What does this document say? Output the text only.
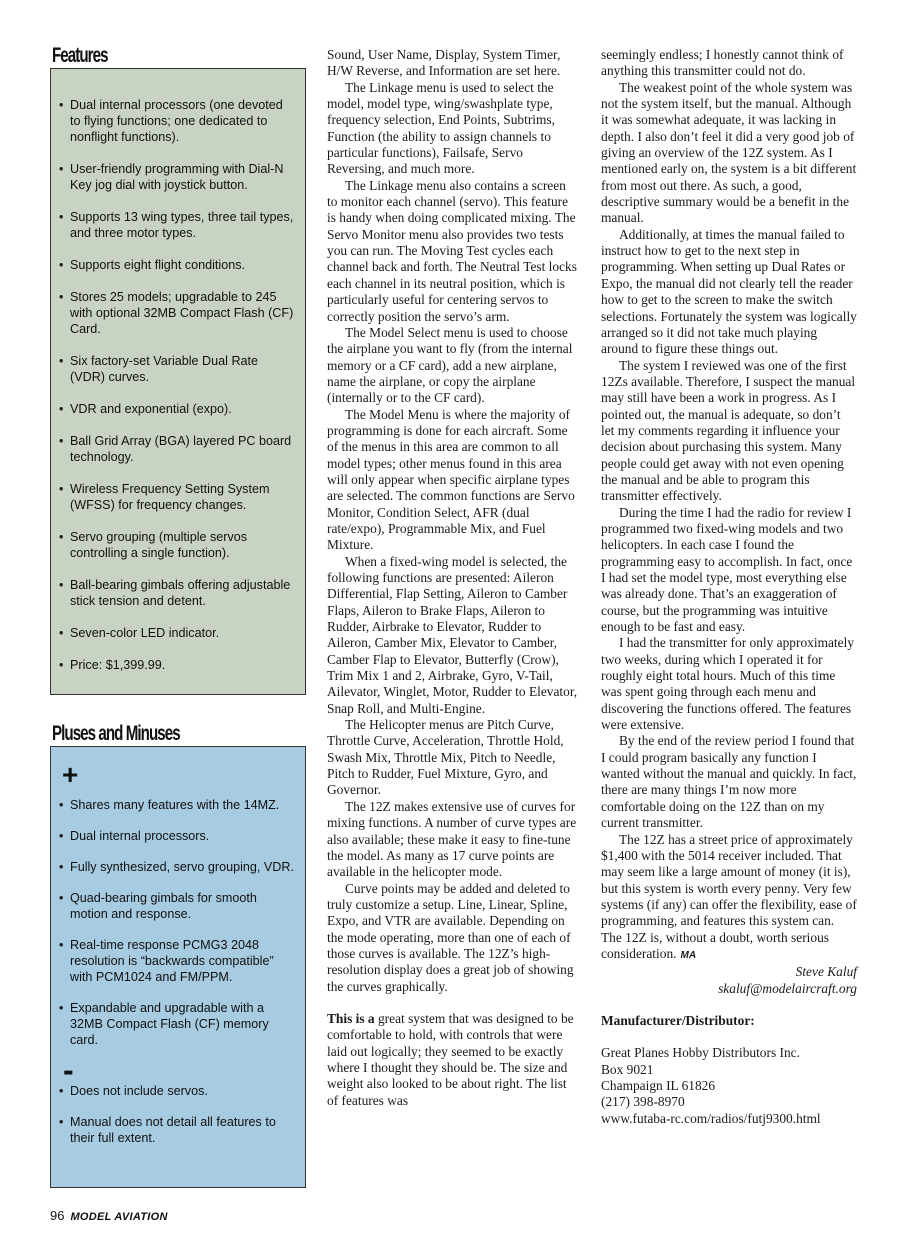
Features
• Dual internal processors (one devoted to flying functions; one dedicated to nonflight functions).
• User-friendly programming with Dial-N Key jog dial with joystick button.
• Supports 13 wing types, three tail types, and three motor types.
• Supports eight flight conditions.
• Stores 25 models; upgradable to 245 with optional 32MB Compact Flash (CF) Card.
• Six factory-set Variable Dual Rate (VDR) curves.
• VDR and exponential (expo).
• Ball Grid Array (BGA) layered PC board technology.
• Wireless Frequency Setting System (WFSS) for frequency changes.
• Servo grouping (multiple servos controlling a single function).
• Ball-bearing gimbals offering adjustable stick tension and detent.
• Seven-color LED indicator.
• Price: $1,399.99.
Pluses and Minuses
+
• Shares many features with the 14MZ.
• Dual internal processors.
• Fully synthesized, servo grouping, VDR.
• Quad-bearing gimbals for smooth motion and response.
• Real-time response PCMG3 2048 resolution is “backwards compatible” with PCM1024 and FM/PPM.
• Expandable and upgradable with a 32MB Compact Flash (CF) memory card.
-
• Does not include servos.
• Manual does not detail all features to their full extent.

Sound, User Name, Display, System Timer, H/W Reverse, and Information are set here.

The Linkage menu is used to select the model, model type, wing/swashplate type, frequency selection, End Points, Subtrims, Function (the ability to assign channels to particular functions), Failsafe, Servo Reversing, and much more.

The Linkage menu also contains a screen to monitor each channel (servo). This feature is handy when doing complicated mixing. The Servo Monitor menu also provides two tests you can run. The Moving Test cycles each channel back and forth. The Neutral Test locks each channel in its neutral position, which is particularly useful for centering servos to correctly position the servo’s arm.

The Model Select menu is used to choose the airplane you want to fly (from the internal memory or a CF card), add a new airplane, name the airplane, or copy the airplane (internally or to the CF card).

The Model Menu is where the majority of programming is done for each aircraft. Some of the menus in this area are common to all model types; other menus found in this area will only appear when specific airplane types are selected. The common functions are Servo Monitor, Condition Select, AFR (dual rate/expo), Programmable Mix, and Fuel Mixture.

When a fixed-wing model is selected, the following functions are presented: Aileron Differential, Flap Setting, Aileron to Camber Flaps, Aileron to Brake Flaps, Aileron to Rudder, Airbrake to Elevator, Rudder to Aileron, Camber Mix, Elevator to Camber, Camber Flap to Elevator, Butterfly (Crow), Trim Mix 1 and 2, Airbrake, Gyro, V-Tail, Ailevator, Winglet, Motor, Rudder to Elevator, Snap Roll, and Multi-Engine.

The Helicopter menus are Pitch Curve, Throttle Curve, Acceleration, Throttle Hold, Swash Mix, Throttle Mix, Pitch to Needle, Pitch to Rudder, Fuel Mixture, Gyro, and Governor.

The 12Z makes extensive use of curves for mixing functions. A number of curve types are also available; these make it easy to fine-tune the model. As many as 17 curve points are available in the helicopter mode.

Curve points may be added and deleted to truly customize a setup. Line, Linear, Spline, Expo, and VTR are available. Depending on the mode operating, more than one of each of those curves is available. The 12Z’s high-resolution display does a great job of showing the curves graphically.

This is a great system that was designed to be comfortable to hold, with controls that were laid out logically; they seemed to be exactly where I thought they should be. The size and weight also looked to be about right. The list of features was

seemingly endless; I honestly cannot think of anything this transmitter could not do.

The weakest point of the whole system was not the system itself, but the manual. Although it was somewhat adequate, it was lacking in depth. I also don’t feel it did a very good job of giving an overview of the 12Z system. As I mentioned early on, the system is a bit different from most out there. As such, a good, descriptive summary would be a benefit in the manual.

Additionally, at times the manual failed to instruct how to get to the next step in programming. When setting up Dual Rates or Expo, the manual did not clearly tell the reader how to get to the screen to make the switch selections. Fortunately the system was logically arranged so it did not take much playing around to figure these things out.

The system I reviewed was one of the first 12Zs available. Therefore, I suspect the manual may still have been a work in progress. As I pointed out, the manual is adequate, so don’t let my comments regarding it influence your decision about purchasing this system. Many people could get away with not even opening the manual and be able to program this transmitter effectively.

During the time I had the radio for review I programmed two fixed-wing models and two helicopters. In each case I found the programming easy to accomplish. In fact, once I had set the model type, most everything else was already done. That’s an exaggeration of course, but the programming was intuitive enough to be fast and easy.

I had the transmitter for only approximately two weeks, during which I operated it for roughly eight total hours. Much of this time was spent going through each menu and discovering the functions offered. The features were extensive.

By the end of the review period I found that I could program basically any function I wanted without the manual and quickly. In fact, there are many things I’m now more comfortable doing on the 12Z than on my current transmitter.

The 12Z has a street price of approximately $1,400 with the 5014 receiver included. That may seem like a large amount of money (it is), but this system is worth every penny. Very few systems (if any) can offer the flexibility, ease of programming, and features this system can. The 12Z is, without a doubt, worth serious consideration. MA

Steve Kaluf

skaluf@modelaircraft.org

Manufacturer/Distributor:

Great Planes Hobby Distributors Inc.

Box 9021

Champaign IL 61826

(217) 398-8970

www.futaba-rc.com/radios/futj9300.html

96 MODEL AVIATION
